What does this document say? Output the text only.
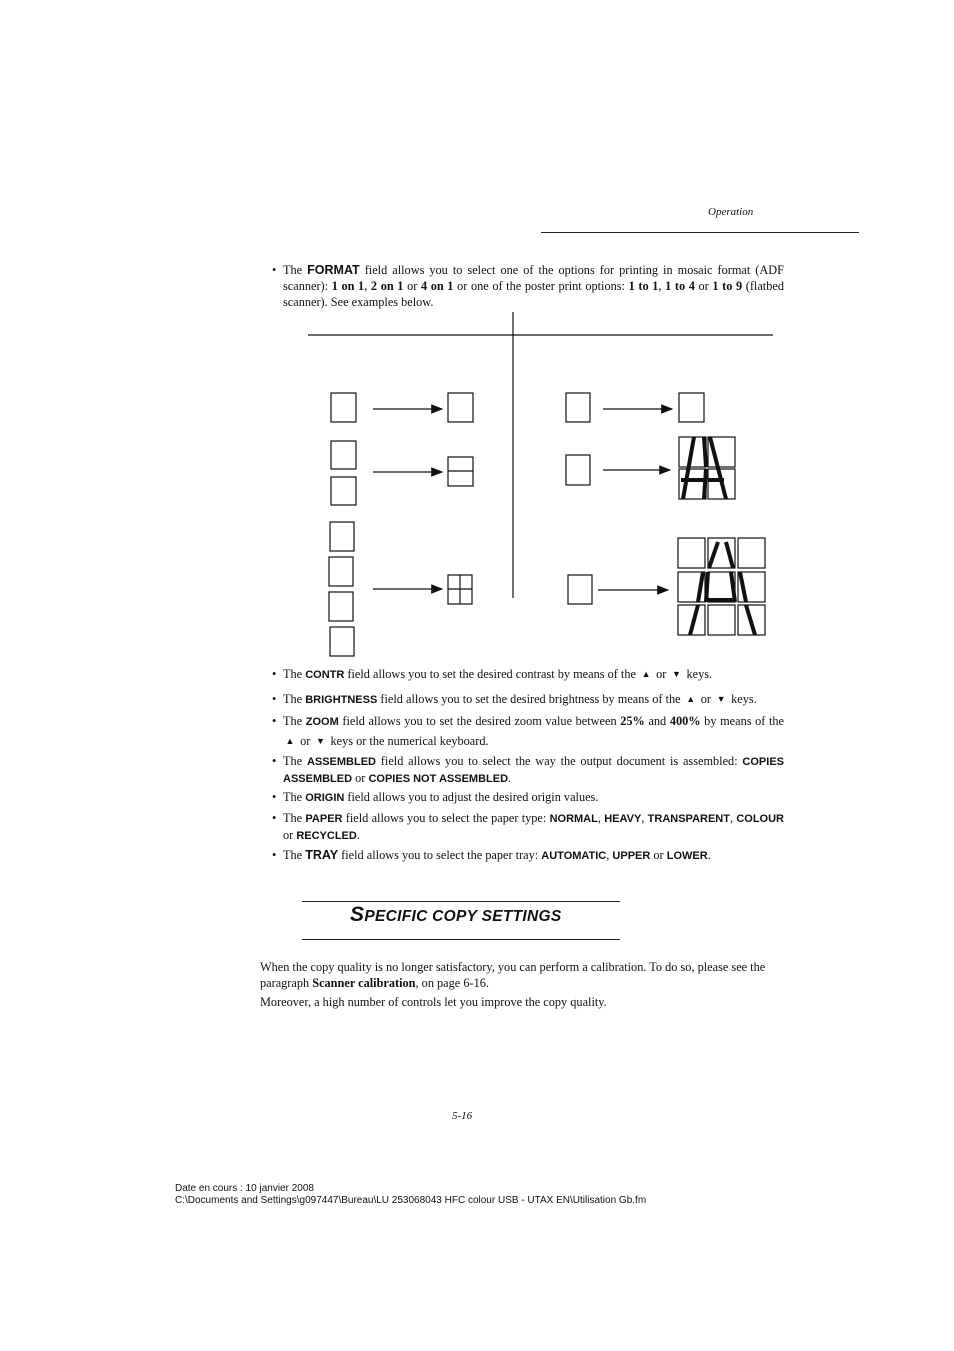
Operation
• The FORMAT field allows you to select one of the options for printing in mosaic format (ADF scanner): 1 on 1, 2 on 1 or 4 on 1 or one of the poster print options: 1 to 1, 1 to 4 or 1 to 9 (flatbed scanner). See examples below.
• The CONTR field allows you to set the desired contrast by means of the ▲ or ▼ keys.
• The BRIGHTNESS field allows you to set the desired brightness by means of the ▲ or ▼ keys.
• The ZOOM field allows you to set the desired zoom value between 25% and 400% by means of the ▲ or ▼ keys or the numerical keyboard.
• The ASSEMBLED field allows you to select the way the output document is assembled: COPIES ASSEMBLED or COPIES NOT ASSEMBLED.
• The ORIGIN field allows you to adjust the desired origin values.
• The PAPER field allows you to select the paper type: NORMAL, HEAVY, TRANSPARENT, COLOUR or RECYCLED.
• The TRAY field allows you to select the paper tray: AUTOMATIC, UPPER or LOWER.
SPECIFIC COPY SETTINGS
When the copy quality is no longer satisfactory, you can perform a calibration. To do so, please see the paragraph Scanner calibration, on page 6-16.
Moreover, a high number of controls let you improve the copy quality.
5-16
Date en cours : 10 janvier 2008
C:\Documents and Settings\g097447\Bureau\LU 253068043 HFC colour USB - UTAX EN\Utilisation Gb.fm
